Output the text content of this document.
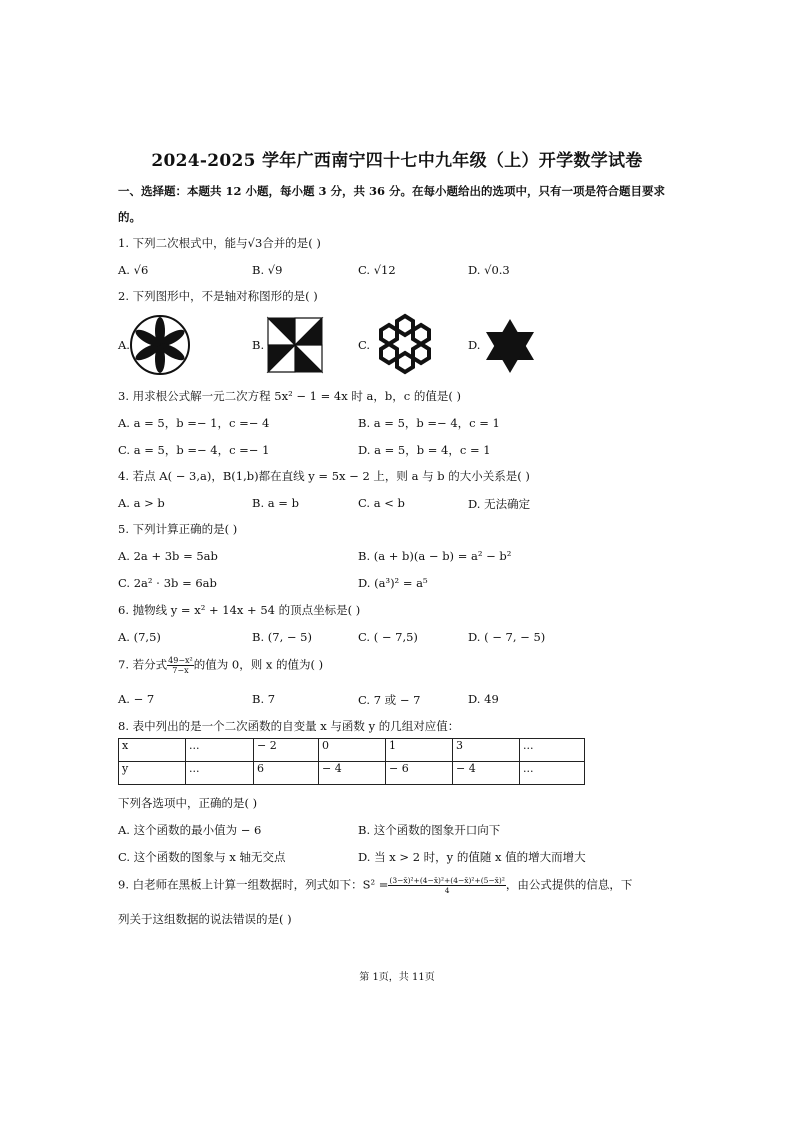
2024-2025 学年广西南宁四十七中九年级（上）开学数学试卷
一、选择题：本题共 12 小题，每小题 3 分，共 36 分。在每小题给出的选项中，只有一项是符合题目要求
的。
1. 下列二次根式中，能与√3合并的是( )
A. √6	B. √9	C. √12	D. √0.3
2. 下列图形中，不是轴对称图形的是( )
A.	B.	C.	D.
3. 用求根公式解一元二次方程 5x² − 1 = 4x 时 a，b，c 的值是( )
A. a = 5，b =− 1，c =− 4	B. a = 5，b =− 4，c = 1
C. a = 5，b =− 4，c =− 1	D. a = 5，b = 4，c = 1
4. 若点 A( − 3,a)，B(1,b)都在直线 y = 5x − 2 上，则 a 与 b 的大小关系是( )
A. a > b	B. a = b	C. a < b	D. 无法确定
5. 下列计算正确的是( )
A. 2a + 3b = 5ab	B. (a + b)(a − b) = a² − b²
C. 2a² ⋅ 3b = 6ab	D. (a³)² = a⁵
6. 抛物线 y = x² + 14x + 54 的顶点坐标是( )
A. (7,5)	B. (7, − 5)	C. ( − 7,5)	D. ( − 7, − 5)
7. 若分式 $\frac{\text{49−x²}}{7-x}$ 的值为 0，则 x 的值为( )
A. − 7	B. 7	C. 7 或 − 7	D. 49
8. 表中列出的是一个二次函数的自变量 x 与函数 y 的几组对应值：
x	...	− 2	0	1	3	...
y	...	6	− 4	− 6	− 4	...
下列各选项中，正确的是( )
A. 这个函数的最小值为 − 6	B. 这个函数的图象开口向下
C. 这个函数的图象与 x 轴无交点	D. 当 x > 2 时，y 的值随 x 值的增大而增大
9. 白老师在黑板上计算一组数据时，列式如下：$S^2 = \frac{\text{(3−x̄)²+(4−x̄)²+(4−x̄)²+(5−x̄)²}}{4}$ ，由公式提供的信息，下
列关于这组数据的说法错误的是( )
第 1页，共 11页
